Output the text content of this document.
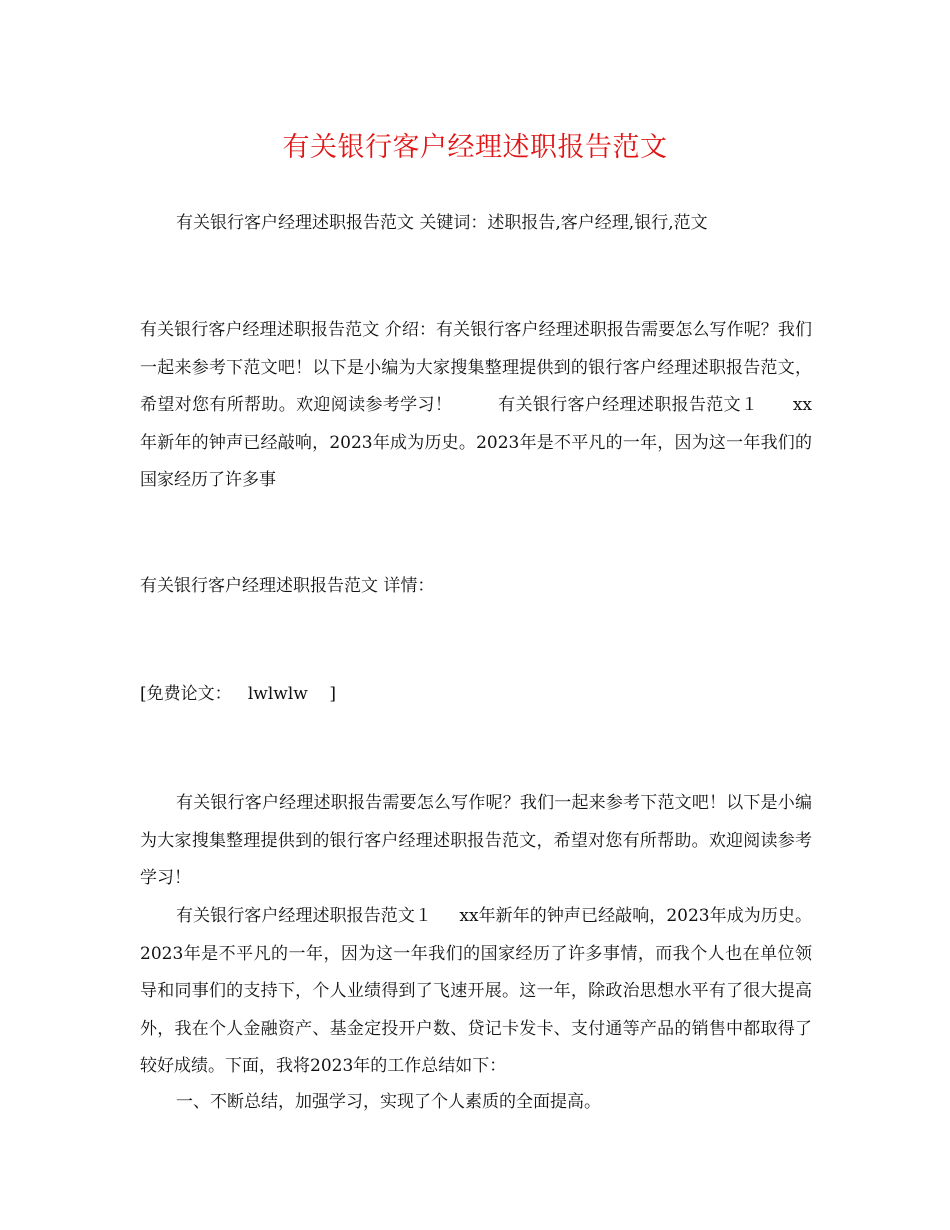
有关银行客户经理述职报告范文

有关银行客户经理述职报告范文 关键词：述职报告,客户经理,银行,范文

有关银行客户经理述职报告范文 介绍：有关银行客户经理述职报告需要怎么写作呢？我们一起来参考下范文吧！以下是小编为大家搜集整理提供到的银行客户经理述职报告范文，希望对您有所帮助。欢迎阅读参考学习！	有关银行客户经理述职报告范文１ xx年新年的钟声已经敲响，2023年成为历史。2023年是不平凡的一年，因为这一年我们的国家经历了许多事

有关银行客户经理述职报告范文 详情：

[免费论文：   lwlwlw    ]

有关银行客户经理述职报告需要怎么写作呢？我们一起来参考下范文吧！以下是小编为大家搜集整理提供到的银行客户经理述职报告范文，希望对您有所帮助。欢迎阅读参考学习！

有关银行客户经理述职报告范文１ xx年新年的钟声已经敲响，2023年成为历史。2023年是不平凡的一年，因为这一年我们的国家经历了许多事情，而我个人也在单位领导和同事们的支持下，个人业绩得到了飞速开展。这一年，除政治思想水平有了很大提高外，我在个人金融资产、基金定投开户数、贷记卡发卡、支付通等产品的销售中都取得了较好成绩。下面，我将2023年的工作总结如下：

一、不断总结，加强学习，实现了个人素质的全面提高。
